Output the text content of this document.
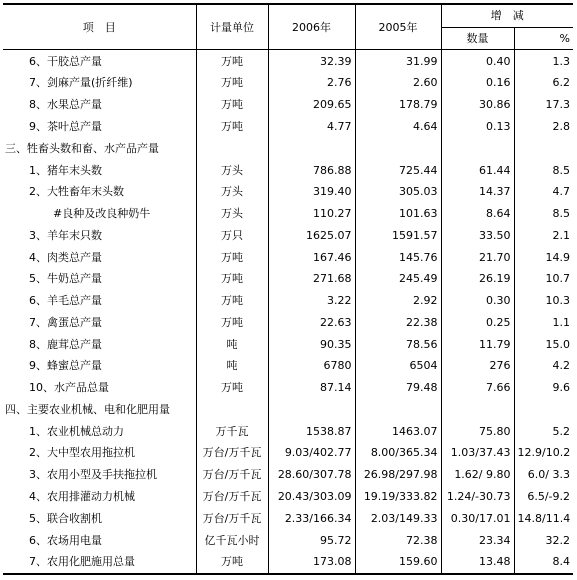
项　目	计量单位	2006年	2005年	增　减	
				数量	%
6、干胶总产量	万吨	32.39	31.99	0.40	1.3
7、剑麻产量(折纤维)	万吨	2.76	2.60	0.16	6.2
8、水果总产量	万吨	209.65	178.79	30.86	17.3
9、茶叶总产量	万吨	4.77	4.64	0.13	2.8
三、牲畜头数和畜、水产品产量					
1、猪年末头数	万头	786.88	725.44	61.44	8.5
2、大牲畜年末头数	万头	319.40	305.03	14.37	4.7
#良种及改良种奶牛	万头	110.27	101.63	8.64	8.5
3、羊年末只数	万只	1625.07	1591.57	33.50	2.1
4、肉类总产量	万吨	167.46	145.76	21.70	14.9
5、牛奶总产量	万吨	271.68	245.49	26.19	10.7
6、羊毛总产量	万吨	3.22	2.92	0.30	10.3
7、禽蛋总产量	万吨	22.63	22.38	0.25	1.1
8、鹿茸总产量	吨	90.35	78.56	11.79	15.0
9、蜂蜜总产量	吨	6780	6504	276	4.2
10、水产品总量	万吨	87.14	79.48	7.66	9.6
四、主要农业机械、电和化肥用量					
1、农业机械总动力	万千瓦	1538.87	1463.07	75.80	5.2
2、大中型农用拖拉机	万台/万千瓦	9.03/402.77	8.00/365.34	1.03/37.43	12.9/10.2
3、农用小型及手扶拖拉机	万台/万千瓦	28.60/307.78	26.98/297.98	1.62/ 9.80	6.0/ 3.3
4、农用排灌动力机械	万台/万千瓦	20.43/303.09	19.19/333.82	1.24/-30.73	6.5/-9.2
5、联合收割机	万台/万千瓦	2.33/166.34	2.03/149.33	0.30/17.01	14.8/11.4
6、农场用电量	亿千瓦小时	95.72	72.38	23.34	32.2
7、农用化肥施用总量	万吨	173.08	159.60	13.48	8.4
